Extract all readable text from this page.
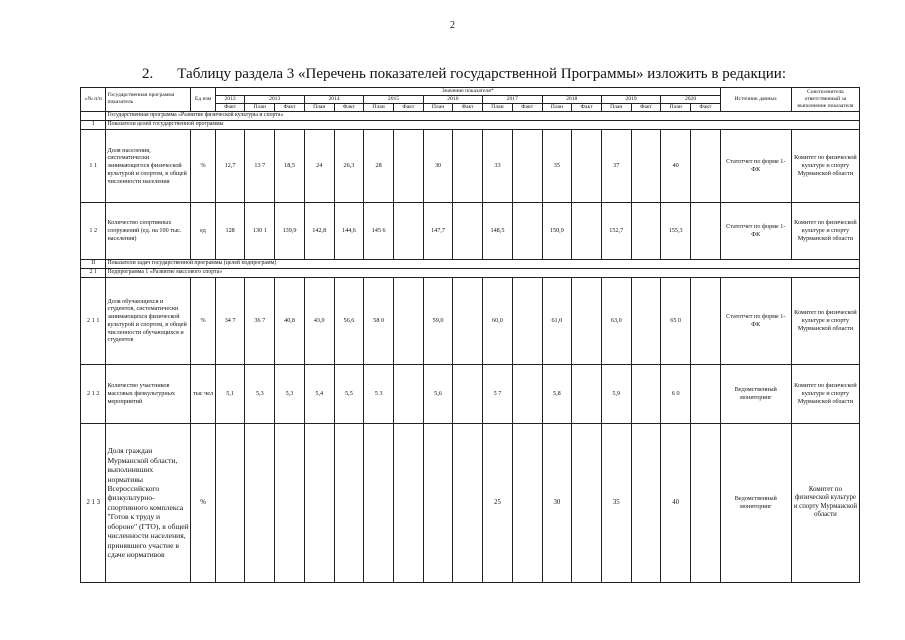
2
2. Таблицу раздела 3 «Перечень показателей государственной Программы» изложить в редакции:
«№ п/п	Государственная программа показатель	Ед изм	Значение показателя*																	Источник данных	Соисполнитель ответственный за выполнение показателя
			2012	2013		2014		2015		2016		2017		2018		2019		2020			
			Факт	План	Факт	План	Факт	План	Факт	План	Факт	План	Факт	План	Факт	План	Факт	План	Факт		
	Государственная программа «Развитие физической культуры и спорта»																				
I	Показатели целей государственной программы																				
1 1	Доля населения, систематически занимающегося физической культурой и спортом, в общей численности населения	%	12,7	13 7	18,5	24	26,3	28		30		33		35		37		40		Статотчет по форме 1-ФК	Комитет по физической культуре и спорту Мурманской области
1 2	Количество спортивных сооружений (ед. на 100 тыс. населения)	ед	128	130 1	139,9	142,8	144,6	145 6		147,7		148,5		150,9		152,7		155,3		Статотчет по форме 1-ФК	Комитет по физической культуре и спорту Мурманской области
II	Показатели задач государственной программы (целей подпрограмм)																				
2 1	Подпрограмма 1 «Развитие массового спорта»																				
2 1 1	Доля обучающихся и студентов, систематически занимающихся физической культурой и спортом, в общей численности обучающихся и студентов	%	34 7	36 7	40,8	43,0	56,6	58 0		59,0		60,0		61,0		63,0		65 0		Статотчет по форме 1-ФК	Комитет по физической культуре и спорту Мурманской области
2 1 2	Количество участников массовых физкультурных мероприятий	тыс чел	5,1	5,3	5,3	5,4	5,5	5 3		5,6		5 7		5,8		5,9		6 0		Ведомственный мониторинг	Комитет по физической культуре и спорту Мурманской области
2 1 3	Доля граждан Мурманской области, выполнивших нормативы Всероссийского физкультурно-спортивного комплекса "Готов к труду и обороне" (ГТО), в общей численности населения, принявшего участие в сдаче нормативов	%										25		30		35		40		Ведомственный мониторинг	Комитет по физической культуре и спорту Мурманской области
